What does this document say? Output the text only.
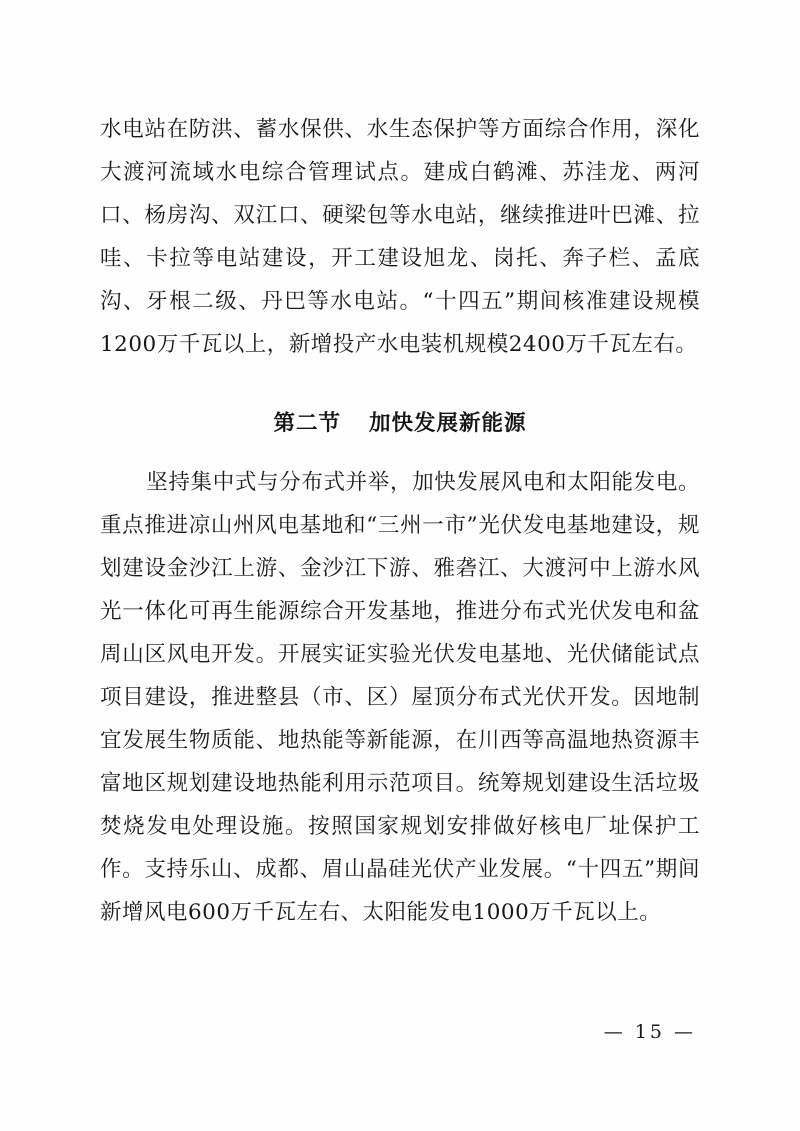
水电站在防洪、蓄水保供、水生态保护等方面综合作用，深化大渡河流域水电综合管理试点。建成白鹤滩、苏洼龙、两河口、杨房沟、双江口、硬梁包等水电站，继续推进叶巴滩、拉哇、卡拉等电站建设，开工建设旭龙、岗托、奔子栏、孟底沟、牙根二级、丹巴等水电站。“十四五”期间核准建设规模1200万千瓦以上，新增投产水电装机规模2400万千瓦左右。

第二节 加快发展新能源

坚持集中式与分布式并举，加快发展风电和太阳能发电。重点推进凉山州风电基地和“三州一市”光伏发电基地建设，规划建设金沙江上游、金沙江下游、雅砻江、大渡河中上游水风光一体化可再生能源综合开发基地，推进分布式光伏发电和盆周山区风电开发。开展实证实验光伏发电基地、光伏储能试点项目建设，推进整县（市、区）屋顶分布式光伏开发。因地制宜发展生物质能、地热能等新能源，在川西等高温地热资源丰富地区规划建设地热能利用示范项目。统筹规划建设生活垃圾焚烧发电处理设施。按照国家规划安排做好核电厂址保护工作。支持乐山、成都、眉山晶硅光伏产业发展。“十四五”期间新增风电600万千瓦左右、太阳能发电1000万千瓦以上。

— 15 —
